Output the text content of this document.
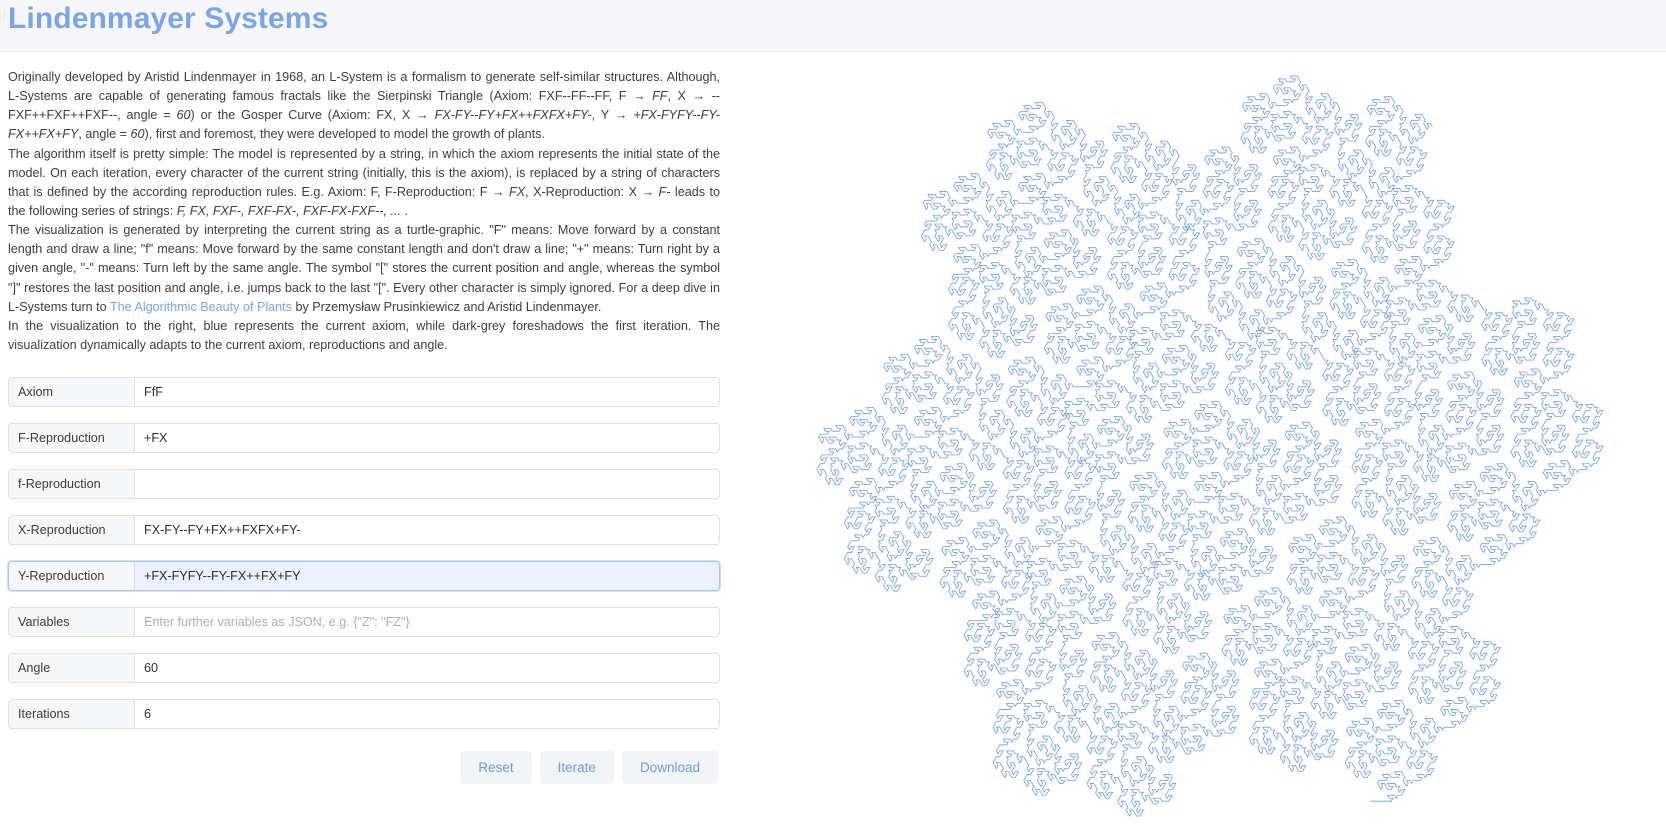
Lindenmayer Systems

Originally developed by Aristid Lindenmayer in 1968, an L-System is a formalism to generate self-similar structures. Although, L-Systems are capable of generating famous fractals like the Sierpinski Triangle (Axiom: FXF--FF--FF, F → FF, X → --FXF++FXF++FXF--, angle = 60) or the Gosper Curve (Axiom: FX, X → FX-FY--FY+FX++FXFX+FY-, Y → +FX-FYFY--FY-FX++FX+FY, angle = 60), first and foremost, they were developed to model the growth of plants.

The algorithm itself is pretty simple: The model is represented by a string, in which the axiom represents the initial state of the model. On each iteration, every character of the current string (initially, this is the axiom), is replaced by a string of characters that is defined by the according reproduction rules. E.g. Axiom: F, F-Reproduction: F → FX, X-Reproduction: X → F- leads to the following series of strings: F, FX, FXF-, FXF-FX-, FXF-FX-FXF--, ... .

The visualization is generated by interpreting the current string as a turtle-graphic. "F" means: Move forward by a constant length and draw a line; "f" means: Move forward by the same constant length and don't draw a line; "+" means: Turn right by a given angle, "-" means: Turn left by the same angle. The symbol "[" stores the current position and angle, whereas the symbol "]" restores the last position and angle, i.e. jumps back to the last "[". Every other character is simply ignored. For a deep dive in L-Systems turn to The Algorithmic Beauty of Plants by Przemysław Prusinkiewicz and Aristid Lindenmayer.

In the visualization to the right, blue represents the current axiom, while dark-grey foreshadows the first iteration. The visualization dynamically adapts to the current axiom, reproductions and angle.

Axiom
FfF
F-Reproduction
+FX
f-Reproduction
X-Reproduction
FX-FY--FY+FX++FXFX+FY-
Y-Reproduction
+FX-FYFY--FY-FX++FX+FY
Variables
Enter further variables as JSON, e.g. {"Z": "FZ"}
Angle
60
Iterations
6
Reset	Iterate	Download
